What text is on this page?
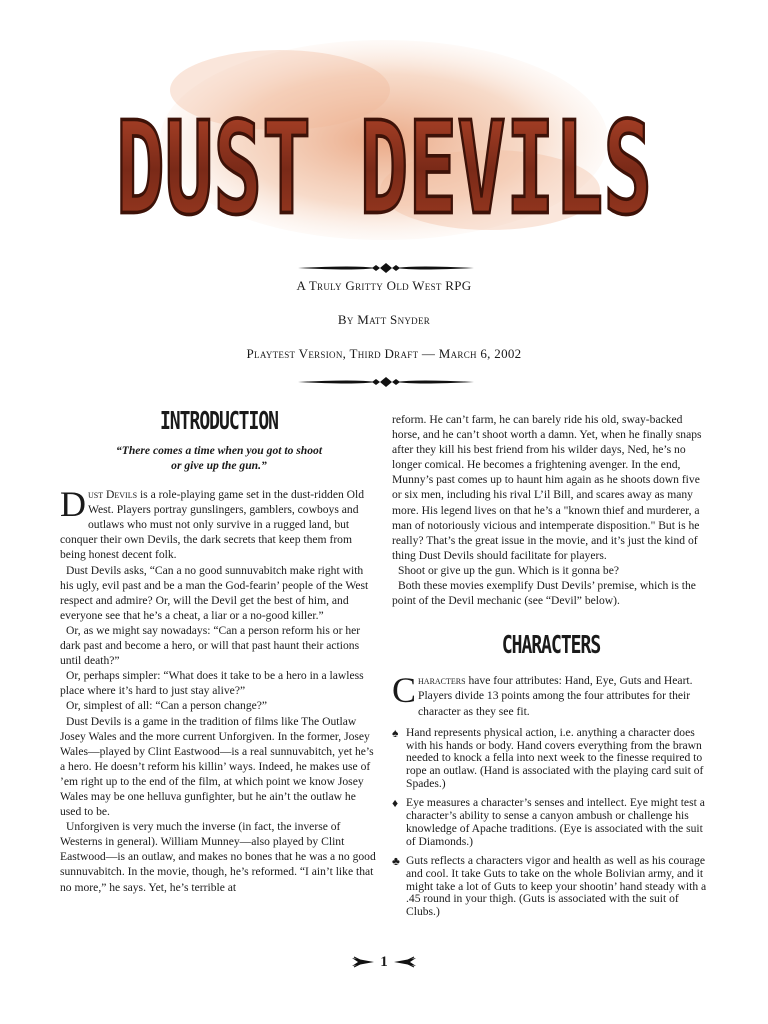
DUST DEVILS
A Truly Gritty Old West RPG
By Matt Snyder
Playtest Version, Third Draft — March 6, 2002
INTRODUCTION

“There comes a time when you got to shoot or give up the gun.”

Dust Devils is a role-playing game set in the dust-ridden Old West. Players portray gunslingers, gamblers, cowboys and outlaws who must not only survive in a rugged land, but conquer their own Devils, the dark secrets that keep them from being honest decent folk.

Dust Devils asks, “Can a no good sunnuvabitch make right with his ugly, evil past and be a man the God-fearin’ people of the West respect and admire? Or, will the Devil get the best of him, and everyone see that he’s a cheat, a liar or a no-good killer.”

Or, as we might say nowadays: “Can a person reform his or her dark past and become a hero, or will that past haunt their actions until death?”

Or, perhaps simpler: “What does it take to be a hero in a lawless place where it’s hard to just stay alive?”

Or, simplest of all: “Can a person change?”

Dust Devils is a game in the tradition of films like The Outlaw Josey Wales and the more current Unforgiven. In the former, Josey Wales—played by Clint Eastwood—is a real sunnuvabitch, yet he’s a hero. He doesn’t reform his killin’ ways. Indeed, he makes use of ’em right up to the end of the film, at which point we know Josey Wales may be one helluva gunfighter, but he ain’t the outlaw he used to be.

Unforgiven is very much the inverse (in fact, the inverse of Westerns in general). William Munney—also played by Clint Eastwood—is an outlaw, and makes no bones that he was a no good sunnuvabitch. In the movie, though, he’s reformed. “I ain’t like that no more,” he says. Yet, he’s terrible at

reform. He can’t farm, he can barely ride his old, sway-backed horse, and he can’t shoot worth a damn. Yet, when he finally snaps after they kill his best friend from his wilder days, Ned, he’s no longer comical. He becomes a frightening avenger. In the end, Munny’s past comes up to haunt him again as he shoots down five or six men, including his rival L’il Bill, and scares away as many more. His legend lives on that he’s a "known thief and murderer, a man of notoriously vicious and intemperate disposition." But is he really? That’s the great issue in the movie, and it’s just the kind of thing Dust Devils should facilitate for players.

Shoot or give up the gun. Which is it gonna be?

Both these movies exemplify Dust Devils’ premise, which is the point of the Devil mechanic (see “Devil” below).

CHARACTERS

Characters have four attributes: Hand, Eye, Guts and Heart. Players divide 13 points among the four attributes for their character as they see fit.

♠ Hand represents physical action, i.e. anything a character does with his hands or body. Hand covers everything from the brawn needed to knock a fella into next week to the finesse required to rope an outlaw. (Hand is associated with the playing card suit of Spades.)
♦ Eye measures a character’s senses and intellect. Eye might test a character’s ability to sense a canyon ambush or challenge his knowledge of Apache traditions. (Eye is associated with the suit of Diamonds.)
♣ Guts reflects a characters vigor and health as well as his courage and cool. It take Guts to take on the whole Bolivian army, and it might take a lot of Guts to keep your shootin’ hand steady with a .45 round in your thigh. (Guts is associated with the suit of Clubs.)
1
